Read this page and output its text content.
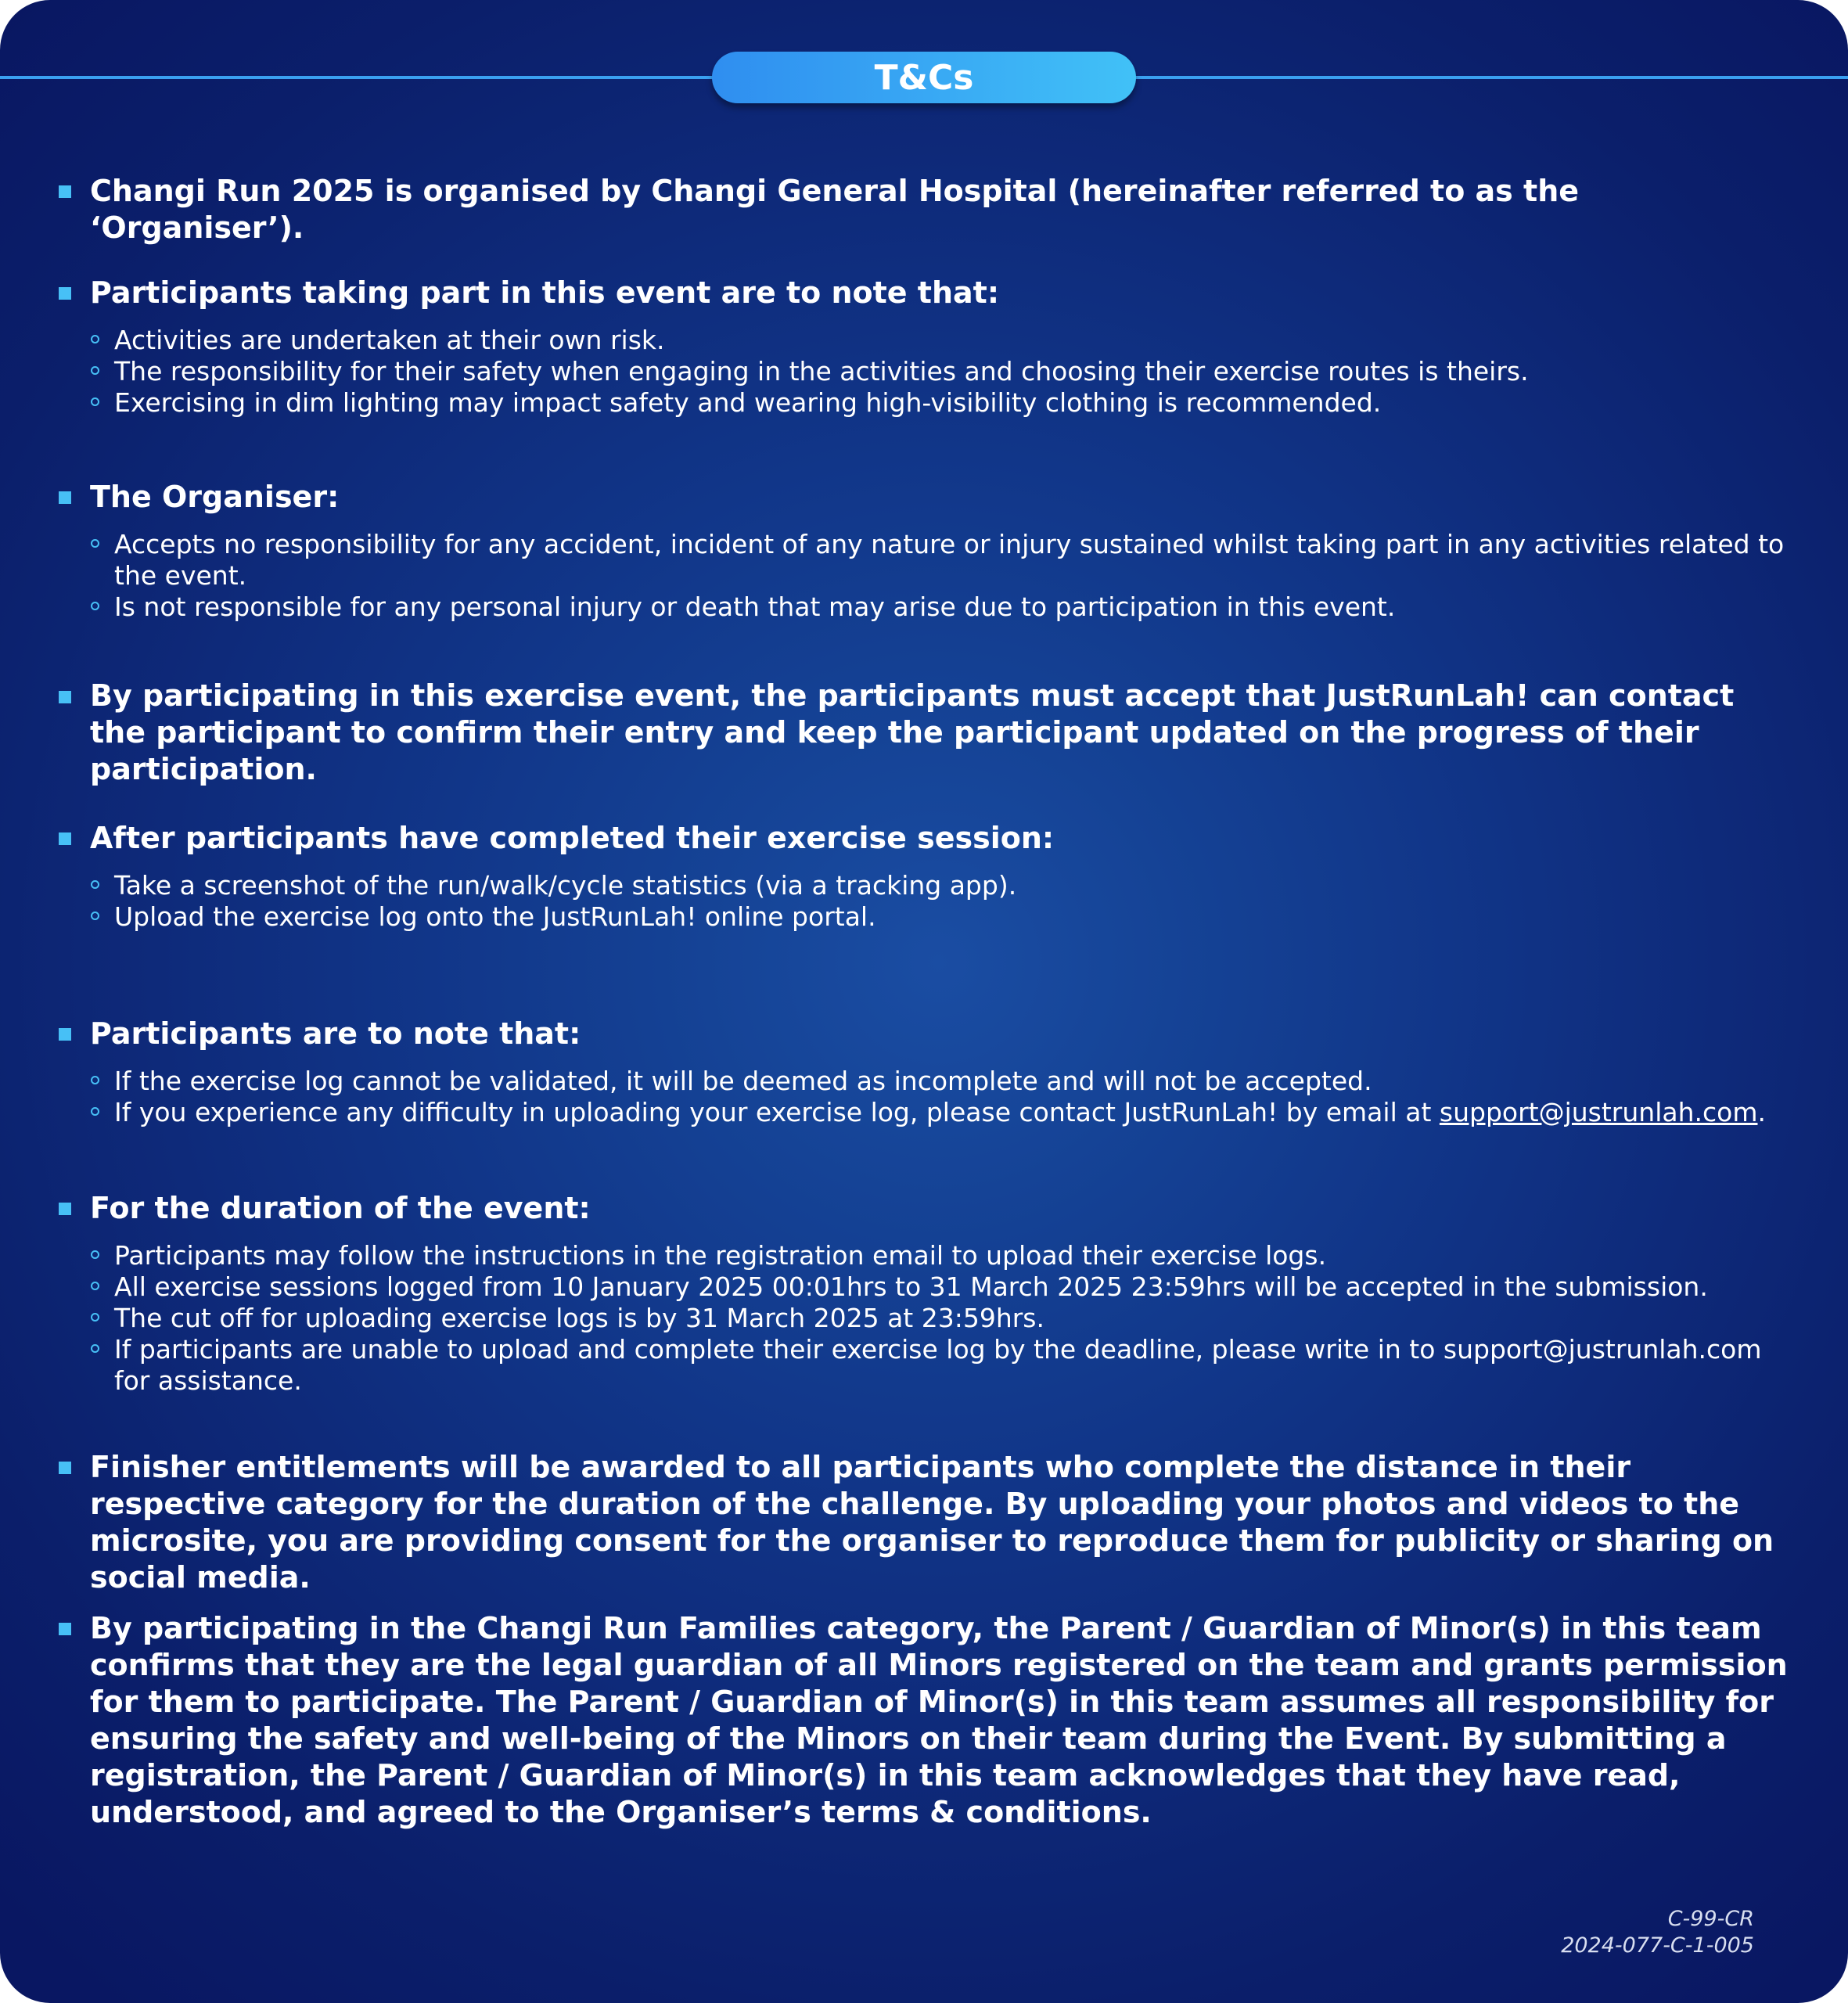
T&Cs

Changi Run 2025 is organised by Changi General Hospital (hereinafter referred to as the ‘Organiser’).

Participants taking part in this event are to note that:

Activities are undertaken at their own risk.
The responsibility for their safety when engaging in the activities and choosing their exercise routes is theirs.
Exercising in dim lighting may impact safety and wearing high-visibility clothing is recommended.

The Organiser:

Accepts no responsibility for any accident, incident of any nature or injury sustained whilst taking part in any activities related to the event.
Is not responsible for any personal injury or death that may arise due to participation in this event.

By participating in this exercise event, the participants must accept that JustRunLah! can contact the participant to confirm their entry and keep the participant updated on the progress of their participation.

After participants have completed their exercise session:

Take a screenshot of the run/walk/cycle statistics (via a tracking app).
Upload the exercise log onto the JustRunLah! online portal.

Participants are to note that:

If the exercise log cannot be validated, it will be deemed as incomplete and will not be accepted.
If you experience any difficulty in uploading your exercise log, please contact JustRunLah! by email at support@justrunlah.com.

For the duration of the event:

Participants may follow the instructions in the registration email to upload their exercise logs.
All exercise sessions logged from 10 January 2025 00:01hrs to 31 March 2025 23:59hrs will be accepted in the submission.
The cut off for uploading exercise logs is by 31 March 2025 at 23:59hrs.
If participants are unable to upload and complete their exercise log by the deadline, please write in to support@justrunlah.com for assistance.

Finisher entitlements will be awarded to all participants who complete the distance in their respective category for the duration of the challenge. By uploading your photos and videos to the microsite, you are providing consent for the organiser to reproduce them for publicity or sharing on social media.

By participating in the Changi Run Families category, the Parent / Guardian of Minor(s) in this team confirms that they are the legal guardian of all Minors registered on the team and grants permission for them to participate. The Parent / Guardian of Minor(s) in this team assumes all responsibility for ensuring the safety and well-being of the Minors on their team during the Event. By submitting a registration, the Parent / Guardian of Minor(s) in this team acknowledges that they have read, understood, and agreed to the Organiser’s terms & conditions.

C-99-CR
2024-077-C-1-005
